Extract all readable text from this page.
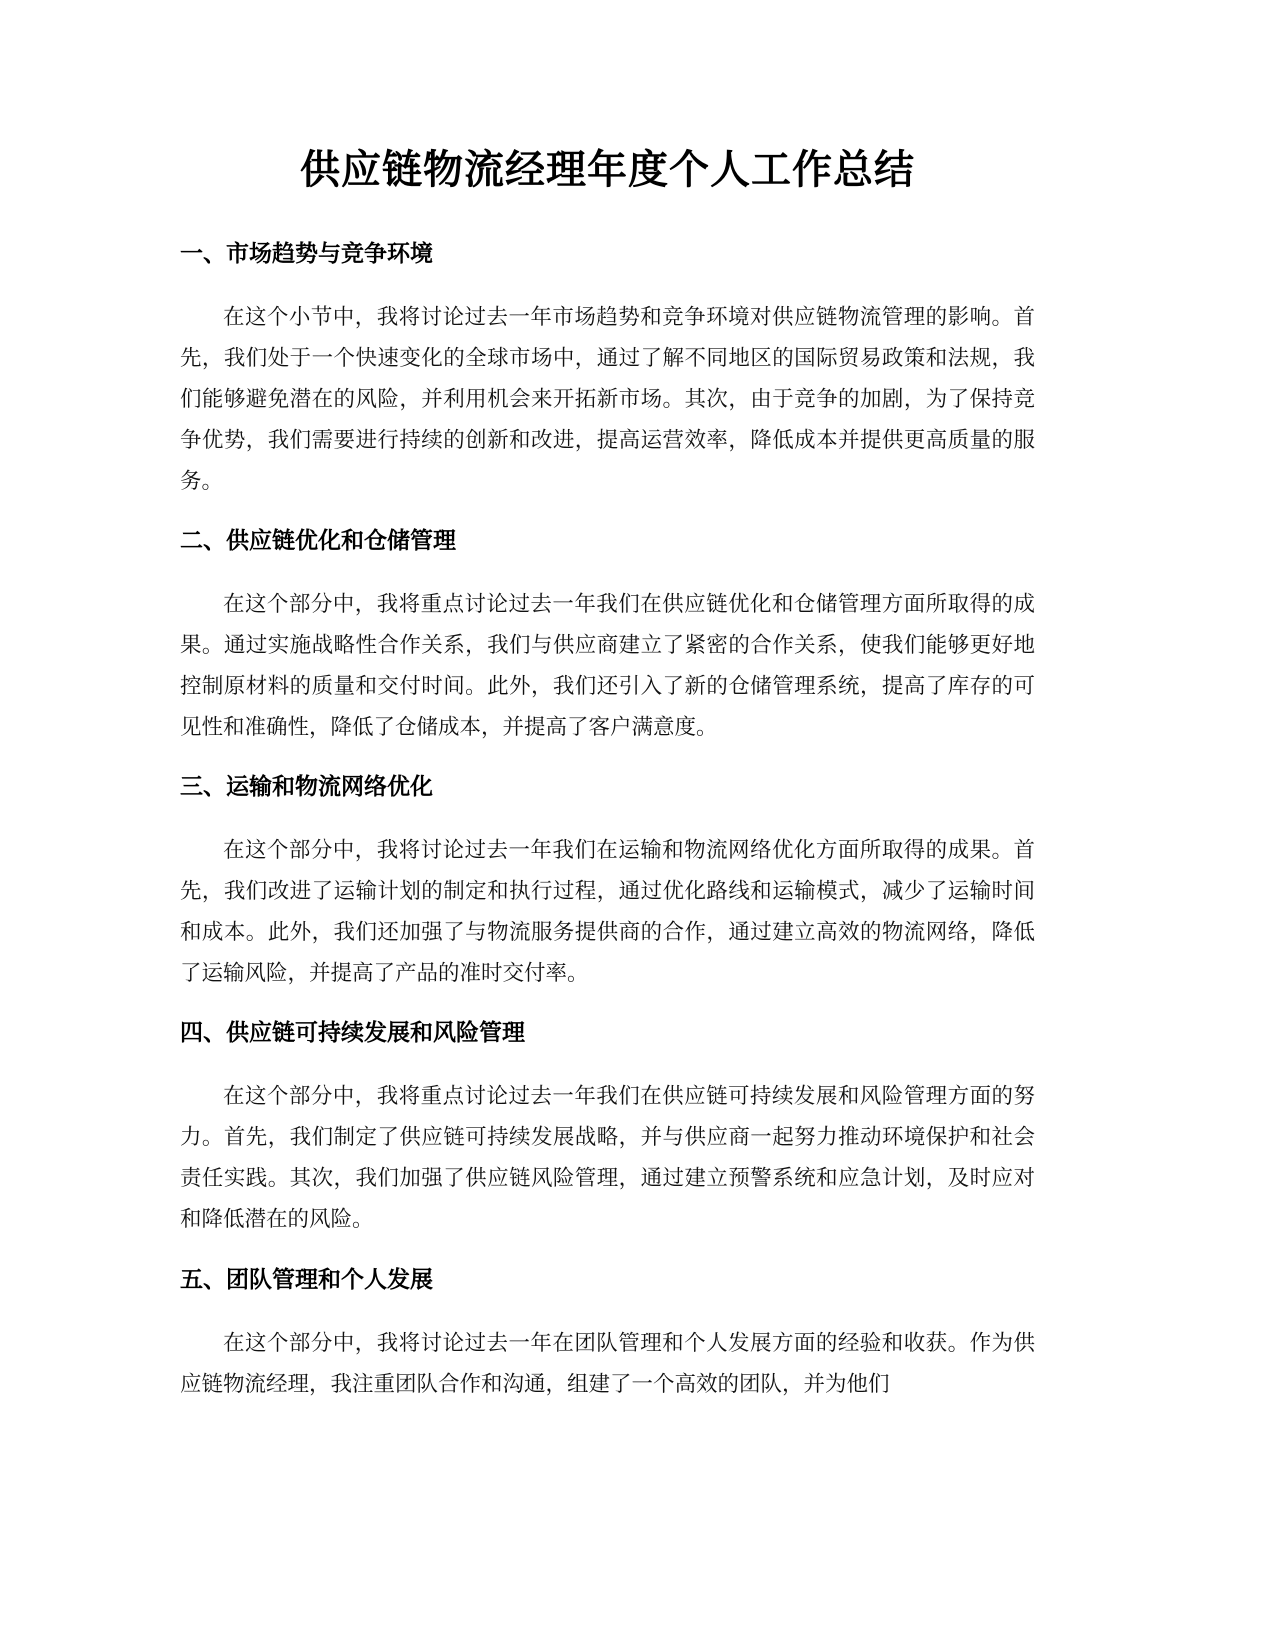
供应链物流经理年度个人工作总结
一、市场趋势与竞争环境

在这个小节中，我将讨论过去一年市场趋势和竞争环境对供应链物流管理的影响。首先，我们处于一个快速变化的全球市场中，通过了解不同地区的国际贸易政策和法规，我们能够避免潜在的风险，并利用机会来开拓新市场。其次，由于竞争的加剧，为了保持竞争优势，我们需要进行持续的创新和改进，提高运营效率，降低成本并提供更高质量的服务。

二、供应链优化和仓储管理

在这个部分中，我将重点讨论过去一年我们在供应链优化和仓储管理方面所取得的成果。通过实施战略性合作关系，我们与供应商建立了紧密的合作关系，使我们能够更好地控制原材料的质量和交付时间。此外，我们还引入了新的仓储管理系统，提高了库存的可见性和准确性，降低了仓储成本，并提高了客户满意度。

三、运输和物流网络优化

在这个部分中，我将讨论过去一年我们在运输和物流网络优化方面所取得的成果。首先，我们改进了运输计划的制定和执行过程，通过优化路线和运输模式，减少了运输时间和成本。此外，我们还加强了与物流服务提供商的合作，通过建立高效的物流网络，降低了运输风险，并提高了产品的准时交付率。

四、供应链可持续发展和风险管理

在这个部分中，我将重点讨论过去一年我们在供应链可持续发展和风险管理方面的努力。首先，我们制定了供应链可持续发展战略，并与供应商一起努力推动环境保护和社会责任实践。其次，我们加强了供应链风险管理，通过建立预警系统和应急计划，及时应对和降低潜在的风险。

五、团队管理和个人发展

在这个部分中，我将讨论过去一年在团队管理和个人发展方面的经验和收获。作为供应链物流经理，我注重团队合作和沟通，组建了一个高效的团队，并为他们
